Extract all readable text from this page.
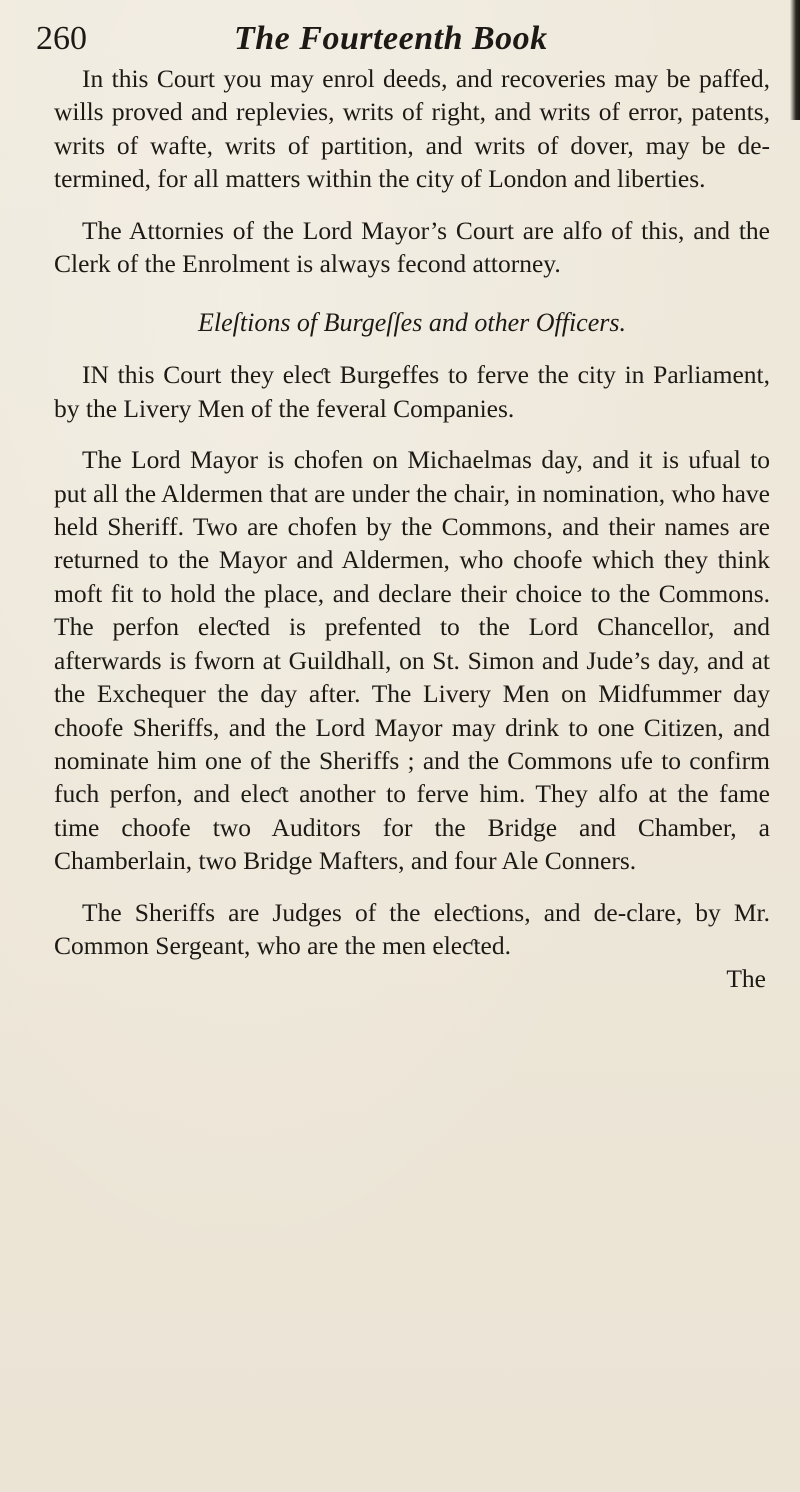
260	The Fourteenth Book

In this Court you may enrol deeds, and recoveries may be paffed, wills proved and replevies, writs of right, and writs of error, patents, writs of wafte, writs of partition, and writs of dover, may be de-termined, for all matters within the city of London and liberties.

The Attornies of the Lord Mayor’s Court are alfo of this, and the Clerk of the Enrolment is always fecond attorney.

Eleſtions of Burgeſſes and other Officers.

IN this Court they eleƈt Burgeffes to ferve the city in Parliament, by the Livery Men of the feveral Companies.

The Lord Mayor is chofen on Michaelmas day, and it is ufual to put all the Aldermen that are under the chair, in nomination, who have held Sheriff. Two are chofen by the Commons, and their names are returned to the Mayor and Aldermen, who choofe which they think moft fit to hold the place, and declare their choice to the Commons. The perfon eleƈted is prefented to the Lord Chancellor, and afterwards is fworn at Guildhall, on St. Simon and Jude’s day, and at the Exchequer the day after. The Livery Men on Midfummer day choofe Sheriffs, and the Lord Mayor may drink to one Citizen, and nominate him one of the Sheriffs ; and the Commons ufe to confirm fuch perfon, and eleƈt another to ferve him. They alfo at the fame time choofe two Auditors for the Bridge and Chamber, a Chamberlain, two Bridge Mafters, and four Ale Conners.

The Sheriffs are Judges of the eleƈtions, and de-clare, by Mr. Common Sergeant, who are the men eleƈted.

The
